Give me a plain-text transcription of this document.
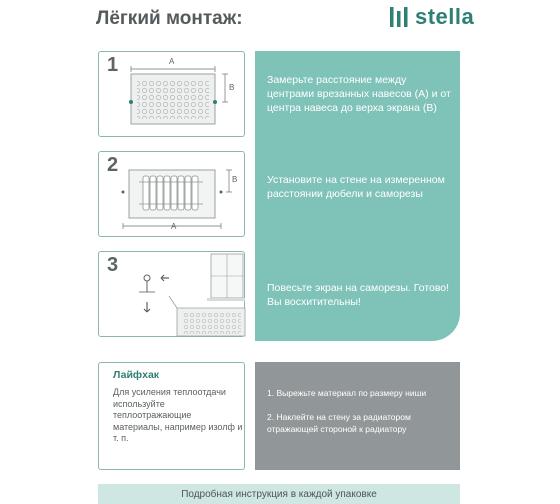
Лёгкий монтаж:	stella
1	A
B
2
A
B
3
Замерьте расстояние между центрами врезанных навесов (A) и от центра навеса до верха экрана (B)
Установите на стене на измеренном расстоянии дюбели и саморезы
Повесьте экран на саморезы. Готово! Вы восхитительны!
Лайфхак
Для усиления теплоотдачи используйте теплоотражающие материалы, например изолф и т. п.
1. Вырежьте материал по размеру ниши
2. Наклейте на стену за радиатором отражающей стороной к радиатору
Подробная инструкция в каждой упаковке
